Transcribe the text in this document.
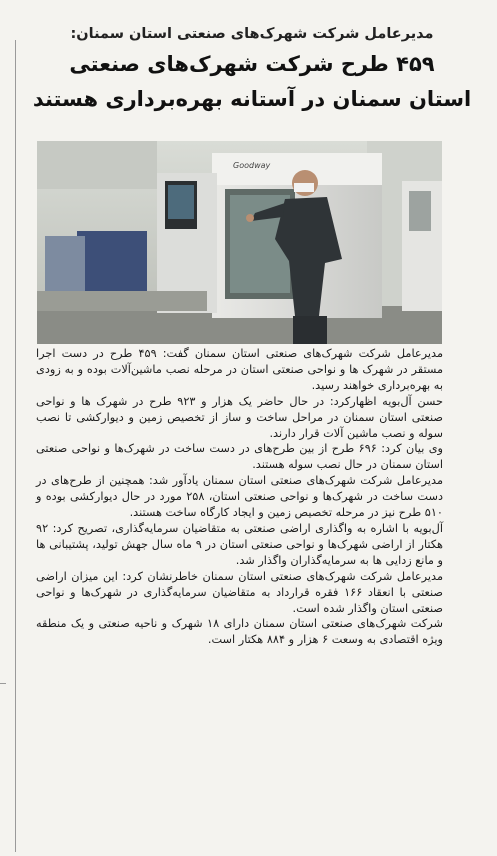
مدیرعامل شرکت شهرک‌های صنعتی استان سمنان:

۴۵۹ طرح شرکت شهرک‌های صنعتی
استان سمنان در آستانه بهره‌برداری هستند
Goodway

مدیرعامل شرکت شهرک‌های صنعتی استان سمنان گفت: ۴۵۹ طرح در دست اجرا مستقر در شهرک ها و نواحی صنعتی استان در مرحله نصب ماشین‌آلات بوده و به زودی به بهره‌برداری خواهند رسید.

حسن آل‌بویه اظهارکرد: در حال حاضر یک هزار و ۹۲۳ طرح در شهرک ها و نواحی صنعتی استان سمنان در مراحل ساخت و ساز از تخصیص زمین و دیوارکشی تا نصب سوله و نصب ماشین آلات قرار دارند.

وی بیان کرد: ۶۹۶ طرح از بین طرح‌های در دست ساخت در شهرک‌ها و نواحی صنعتی استان سمنان در حال نصب سوله هستند.

مدیرعامل شرکت شهرک‌های صنعتی استان سمنان یادآور شد: همچنین از طرح‌های در دست ساخت در شهرک‌ها و نواحی صنعتی استان، ۲۵۸ مورد در حال دیوارکشی بوده و ۵۱۰ طرح نیز در مرحله تخصیص زمین و ایجاد کارگاه ساخت هستند.

آل‌بویه با اشاره به واگذاری اراضی صنعتی به متقاضیان سرمایه‌گذاری، تصریح کرد: ۹۲ هکتار از اراضی شهرک‌ها و نواحی صنعتی استان در ۹ ماه سال جهش تولید، پشتیبانی ها و مانع زدایی ها به سرمایه‌گذاران واگذار شد.

مدیرعامل شرکت شهرک‌های صنعتی استان سمنان خاطرنشان کرد: این میزان اراضی صنعتی با انعقاد ۱۶۶ فقره قرارداد به متقاضیان سرمایه‌گذاری در شهرک‌ها و نواحی صنعتی استان واگذار شده است.

شرکت شهرک‌های صنعتی استان سمنان دارای ۱۸ شهرک و ناحیه صنعتی و یک منطقه ویژه اقتصادی به وسعت ۶ هزار و ۸۸۴ هکتار است.
